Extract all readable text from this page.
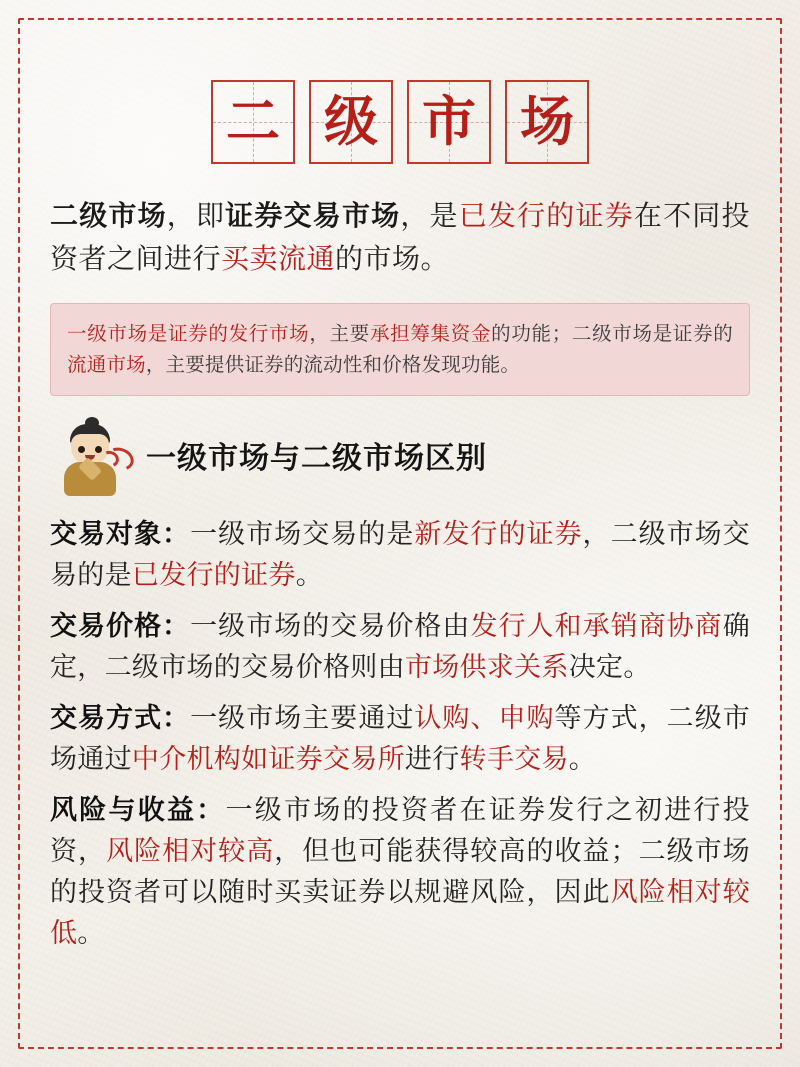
二 级 市 场

二级市场，即证券交易市场，是已发行的证券在不同投资者之间进行买卖流通的市场。

一级市场是证券的发行市场，主要承担筹集资金的功能；二级市场是证券的流通市场，主要提供证券的流动性和价格发现功能。

一级市场与二级市场区别

交易对象：一级市场交易的是新发行的证券，二级市场交易的是已发行的证券。

交易价格：一级市场的交易价格由发行人和承销商协商确定，二级市场的交易价格则由市场供求关系决定。

交易方式：一级市场主要通过认购、申购等方式，二级市场通过中介机构如证券交易所进行转手交易。

风险与收益：一级市场的投资者在证券发行之初进行投资，风险相对较高，但也可能获得较高的收益；二级市场的投资者可以随时买卖证券以规避风险，因此风险相对较低。
